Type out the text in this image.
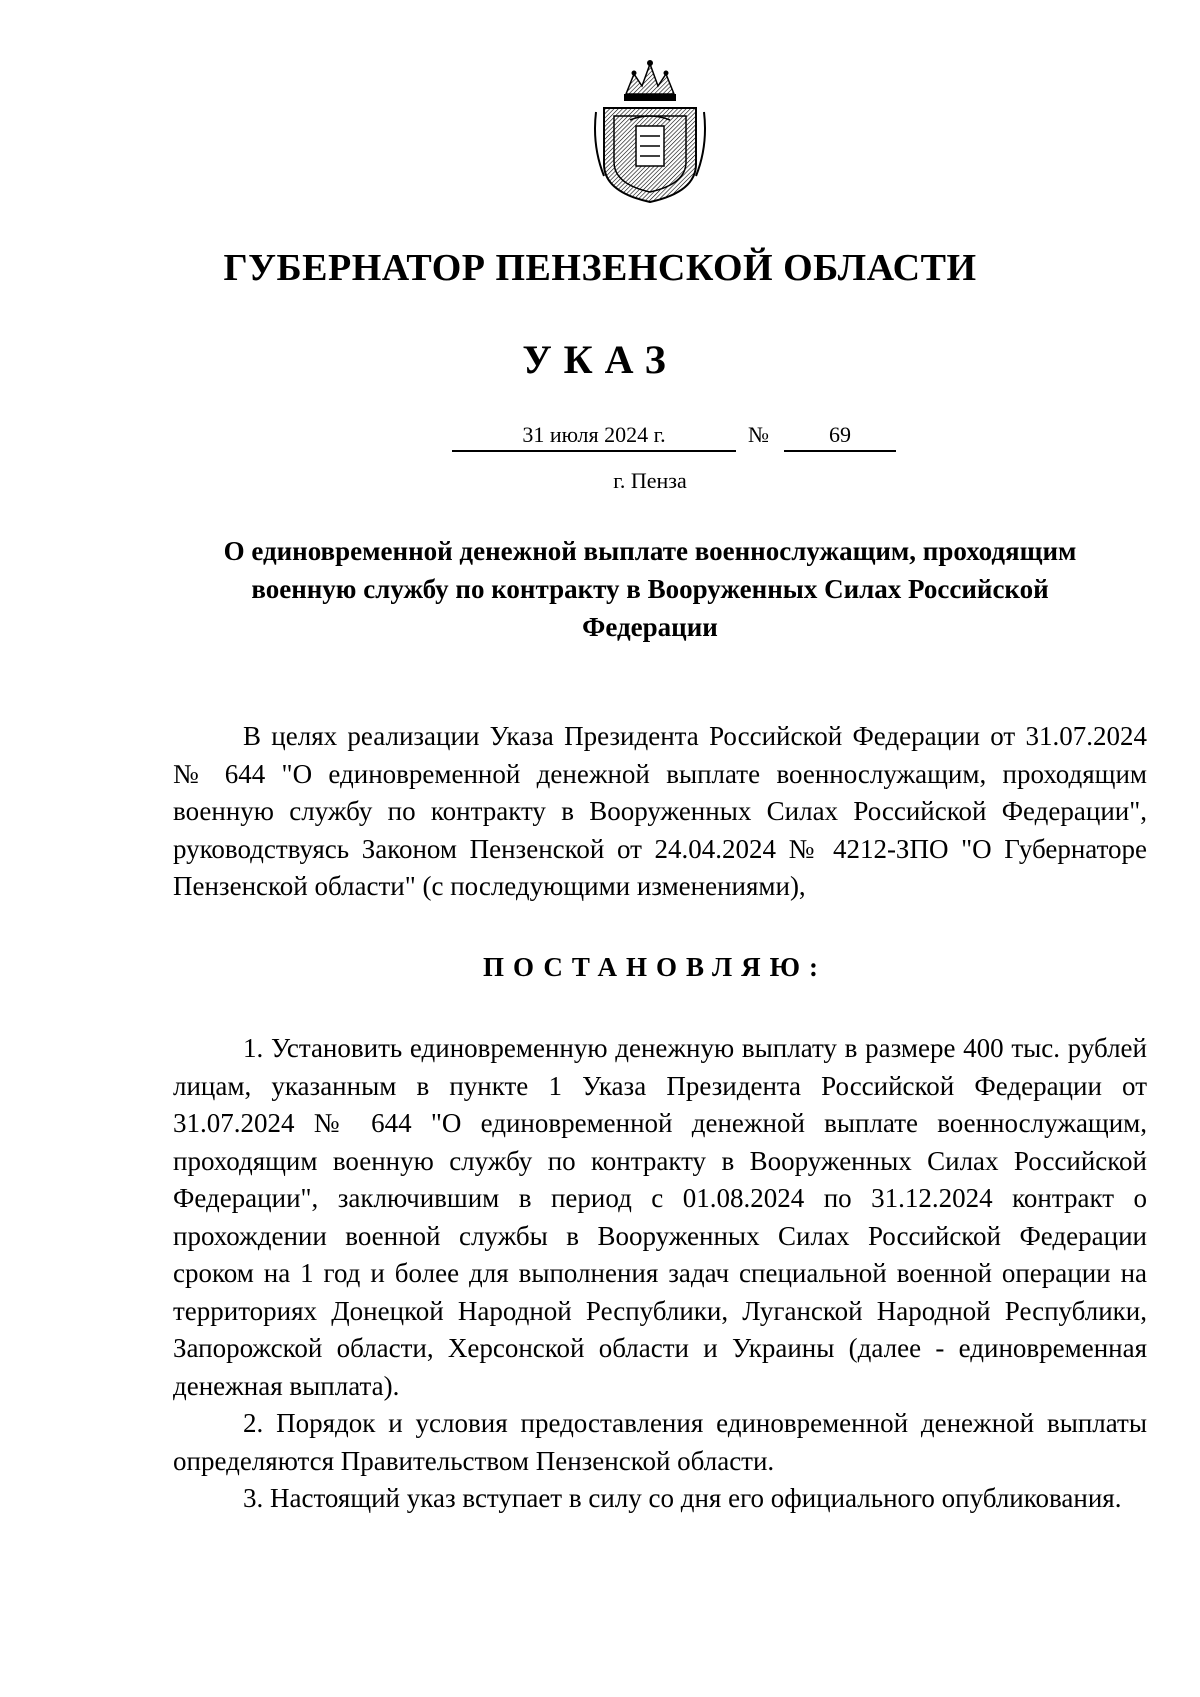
ГУБЕРНАТОР ПЕНЗЕНСКОЙ ОБЛАСТИ
УКАЗ
31 июля 2024 г.	№	69
г. Пенза
О единовременной денежной выплате военнослужащим, проходящим военную службу по контракту в Вооруженных Силах Российской Федерации
В целях реализации Указа Президента Российской Федерации от 31.07.2024 № 644 "О единовременной денежной выплате военнослужащим, проходящим военную службу по контракту в Вооруженных Силах Российской Федерации", руководствуясь Законом Пензенской от 24.04.2024 № 4212-ЗПО "О Губернаторе Пензенской области" (с последующими изменениями),
ПОСТАНОВЛЯЮ:

1. Установить единовременную денежную выплату в размере 400 тыс. рублей лицам, указанным в пункте 1 Указа Президента Российской Федерации от 31.07.2024 № 644 "О единовременной денежной выплате военнослужащим, проходящим военную службу по контракту в Вооруженных Силах Российской Федерации", заключившим в период с 01.08.2024 по 31.12.2024 контракт о прохождении военной службы в Вооруженных Силах Российской Федерации сроком на 1 год и более для выполнения задач специальной военной операции на территориях Донецкой Народной Республики, Луганской Народной Республики, Запорожской области, Херсонской области и Украины (далее - единовременная денежная выплата).

2. Порядок и условия предоставления единовременной денежной выплаты определяются Правительством Пензенской области.

3. Настоящий указ вступает в силу со дня его официального опубликования.
